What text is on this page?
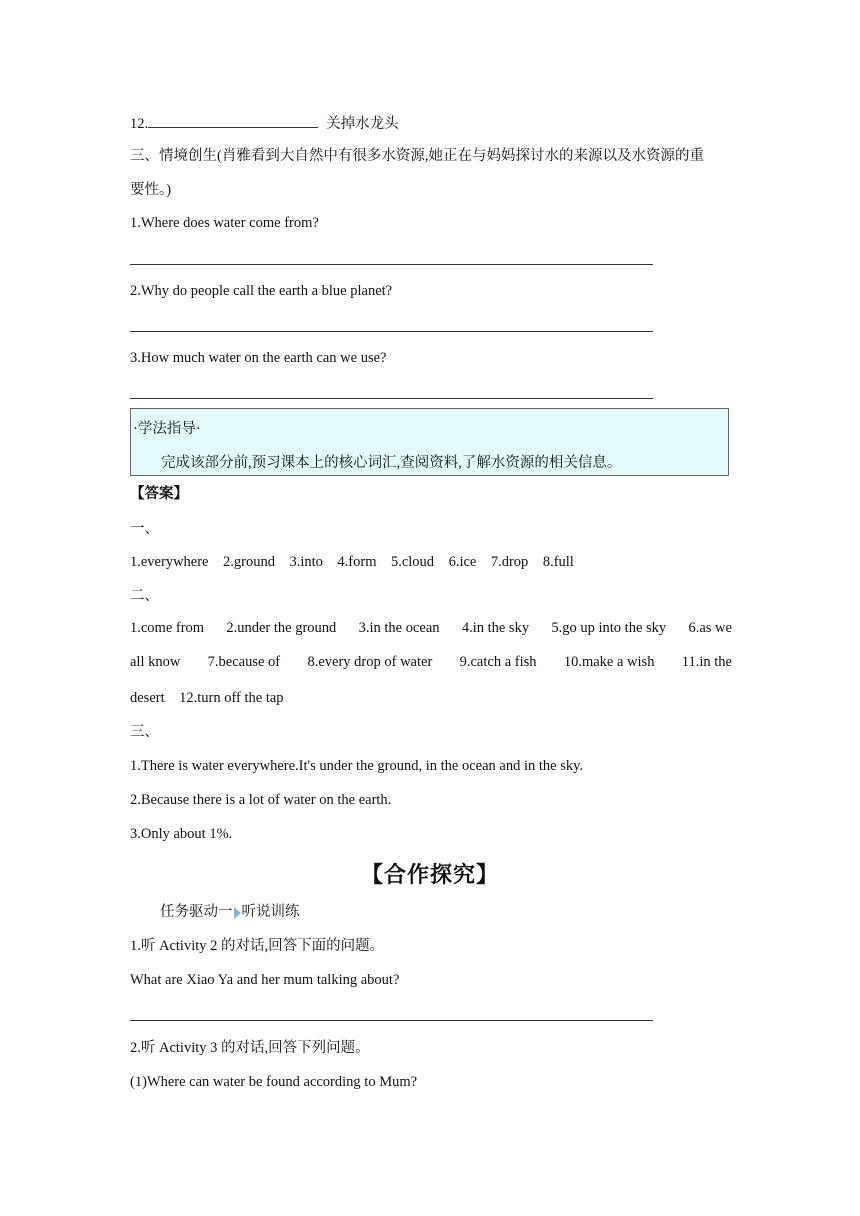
12.	关掉水龙头
三、情境创生(肖雅看到大自然中有很多水资源,她正在与妈妈探讨水的来源以及水资源的重
要性。)
1.Where does water come from?
2.Why do people call the earth a blue planet?
3.How much water on the earth can we use?
·学法指导·
完成该部分前,预习课本上的核心词汇,查阅资料,了解水资源的相关信息。
【答案】
一、
1.everywhere 2.ground 3.into 4.form 5.cloud 6.ice 7.drop 8.full
二、
1.come from 2.under the ground 3.in the ocean 4.in the sky 5.go up into the sky 6.as we
all know 7.because of 8.every drop of water 9.catch a fish 10.make a wish 11.in the
desert    12.turn off the tap
三、
1.There is water everywhere.It's under the ground, in the ocean and in the sky.
2.Because there is a lot of water on the earth.
3.Only about 1%.
【合作探究】
任务驱动一 听说训练
1.听 Activity 2 的对话,回答下面的问题。
What are Xiao Ya and her mum talking about?
2.听 Activity 3 的对话,回答下列问题。
(1)Where can water be found according to Mum?
